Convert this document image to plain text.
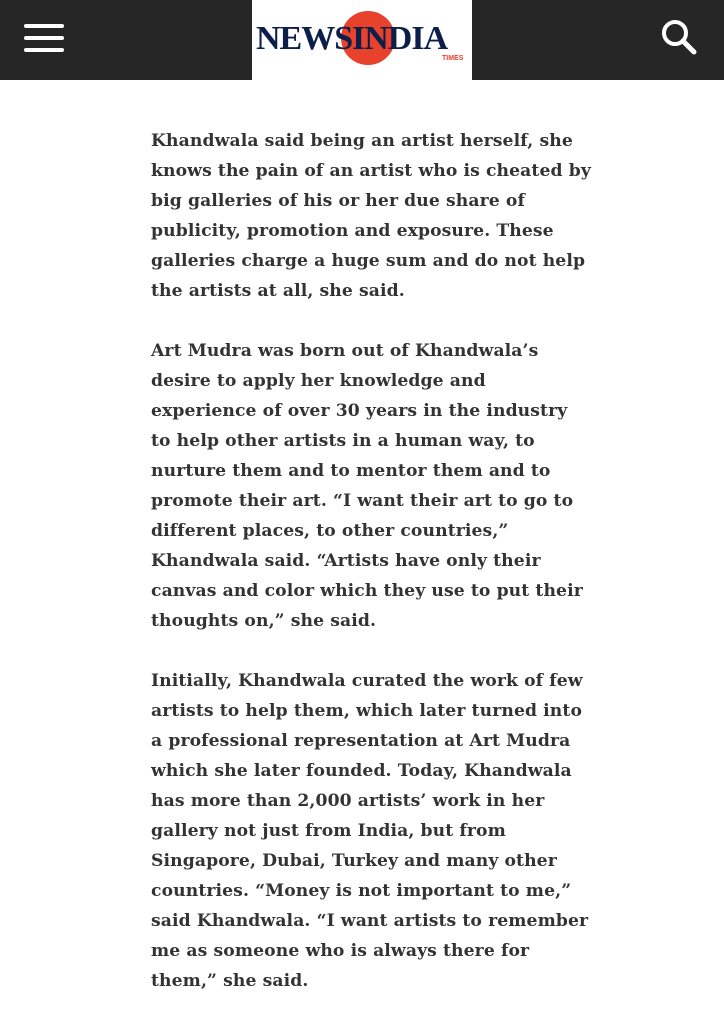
NEWS INDIA
TIMES

Khandwala said being an artist herself, she knows the pain of an artist who is cheated by big galleries of his or her due share of publicity, promotion and exposure. These galleries charge a huge sum and do not help the artists at all, she said.

Art Mudra was born out of Khandwala’s desire to apply her knowledge and experience of over 30 years in the industry to help other artists in a human way, to nurture them and to mentor them and to promote their art. “I want their art to go to different places, to other countries,” Khandwala said. “Artists have only their canvas and color which they use to put their thoughts on,” she said.

Initially, Khandwala curated the work of few artists to help them, which later turned into a professional representation at Art Mudra which she later founded. Today, Khandwala has more than 2,000 artists’ work in her gallery not just from India, but from Singapore, Dubai, Turkey and many other countries. “Money is not important to me,” said Khandwala. “I want artists to remember me as someone who is always there for them,” she said.
